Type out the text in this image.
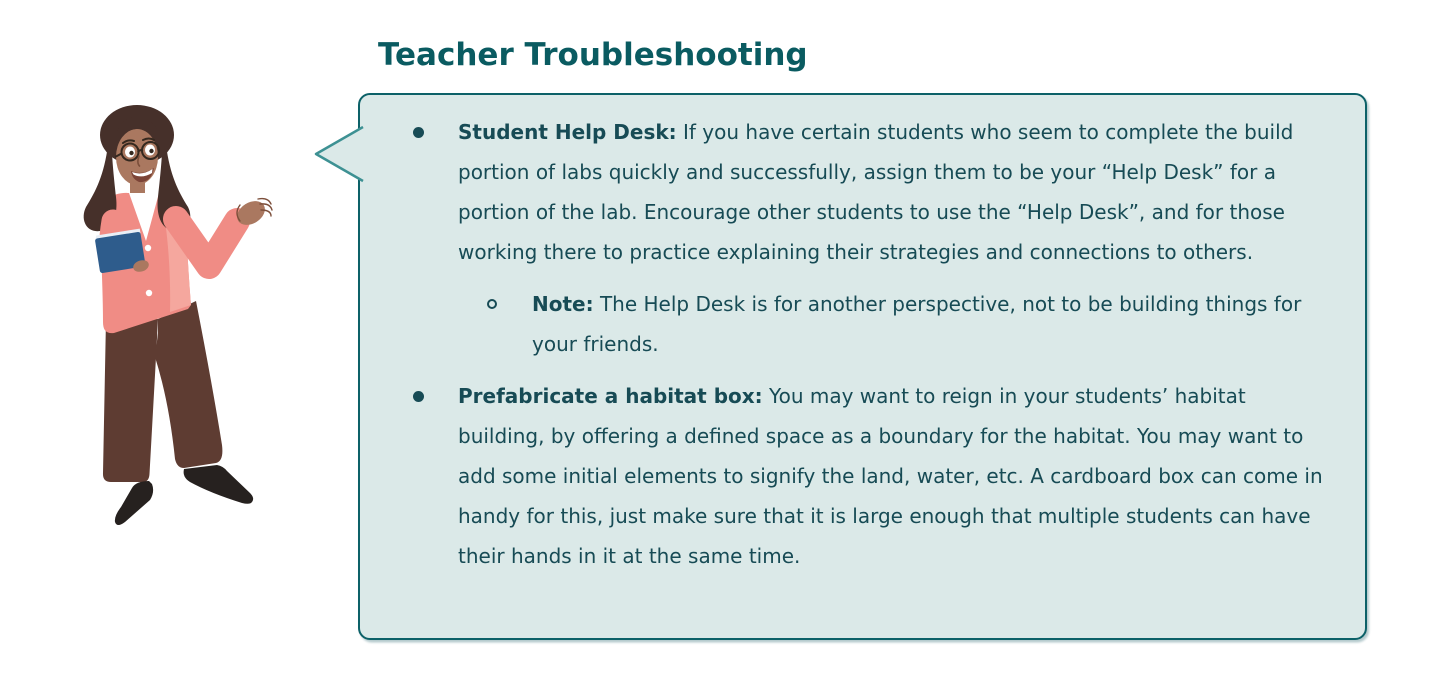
Teacher Troubleshooting

Student Help Desk: If you have certain students who seem to complete the build portion of labs quickly and successfully, assign them to be your “Help Desk” for a portion of the lab. Encourage other students to use the “Help Desk”, and for those working there to practice explaining their strategies and connections to others.

Note: The Help Desk is for another perspective, not to be building things for your friends.

Prefabricate a habitat box: You may want to reign in your students’ habitat building, by offering a defined space as a boundary for the habitat. You may want to add some initial elements to signify the land, water, etc. A cardboard box can come in handy for this, just make sure that it is large enough that multiple students can have their hands in it at the same time.
